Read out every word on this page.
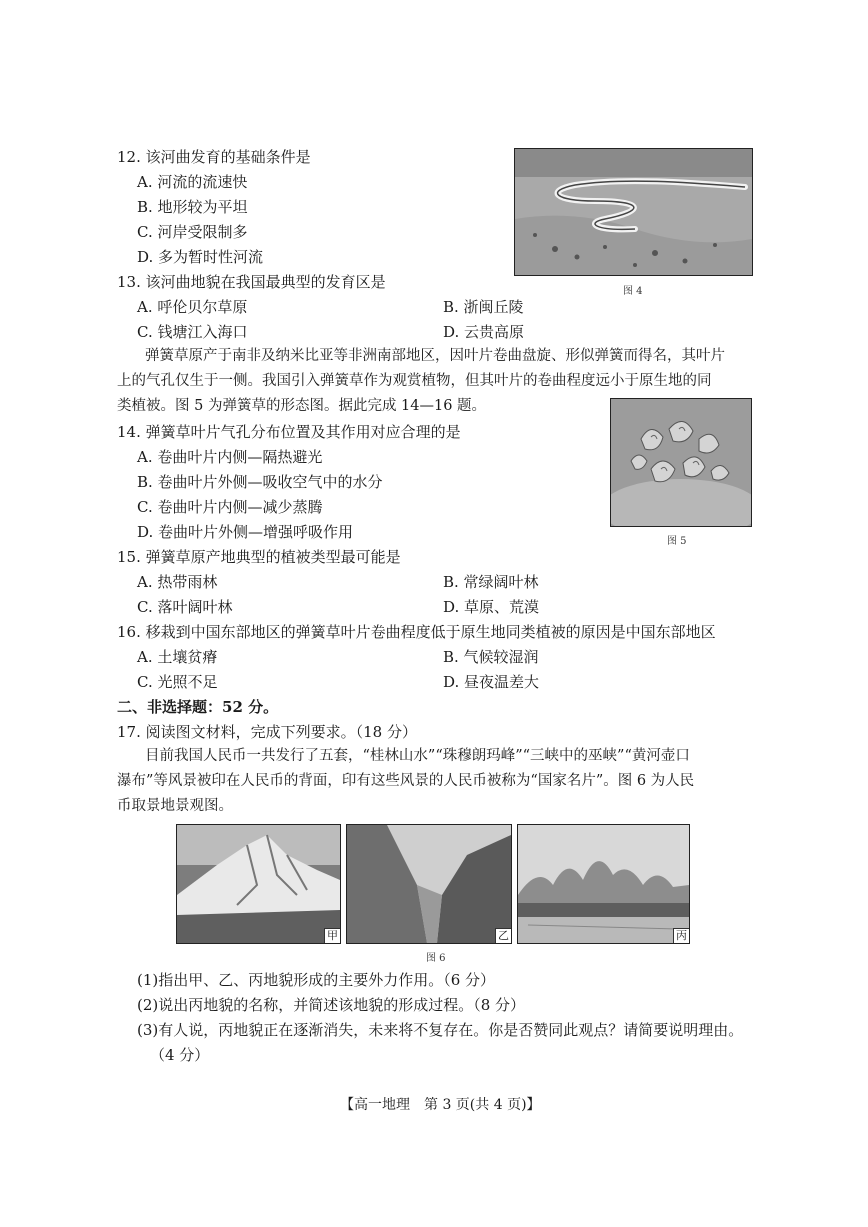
12. 该河曲发育的基础条件是
A. 河流的流速快
B. 地形较为平坦
C. 河岸受限制多
D. 多为暂时性河流
图 4
13. 该河曲地貌在我国最典型的发育区是
A. 呼伦贝尔草原	B. 浙闽丘陵
C. 钱塘江入海口	D. 云贵高原
弹簧草原产于南非及纳米比亚等非洲南部地区，因叶片卷曲盘旋、形似弹簧而得名，其叶片
上的气孔仅生于一侧。我国引入弹簧草作为观赏植物，但其叶片的卷曲程度远小于原生地的同
类植被。图 5 为弹簧草的形态图。据此完成 14—16 题。
图 5
14. 弹簧草叶片气孔分布位置及其作用对应合理的是
A. 卷曲叶片内侧—隔热避光
B. 卷曲叶片外侧—吸收空气中的水分
C. 卷曲叶片内侧—减少蒸腾
D. 卷曲叶片外侧—增强呼吸作用
15. 弹簧草原产地典型的植被类型最可能是
A. 热带雨林	B. 常绿阔叶林
C. 落叶阔叶林	D. 草原、荒漠
16. 移栽到中国东部地区的弹簧草叶片卷曲程度低于原生地同类植被的原因是中国东部地区
A. 土壤贫瘠	B. 气候较湿润
C. 光照不足	D. 昼夜温差大
二、非选择题：52 分。
17. 阅读图文材料，完成下列要求。（18 分）
目前我国人民币一共发行了五套，“桂林山水”“珠穆朗玛峰”“三峡中的巫峡”“黄河壶口
瀑布”等风景被印在人民币的背面，印有这些风景的人民币被称为“国家名片”。图 6 为人民
币取景地景观图。
甲	乙	丙
图 6
(1)指出甲、乙、丙地貌形成的主要外力作用。（6 分）
(2)说出丙地貌的名称，并简述该地貌的形成过程。（8 分）
(3)有人说，丙地貌正在逐渐消失，未来将不复存在。你是否赞同此观点？请简要说明理由。
（4 分）
【高一地理　第 3 页(共 4 页)】
